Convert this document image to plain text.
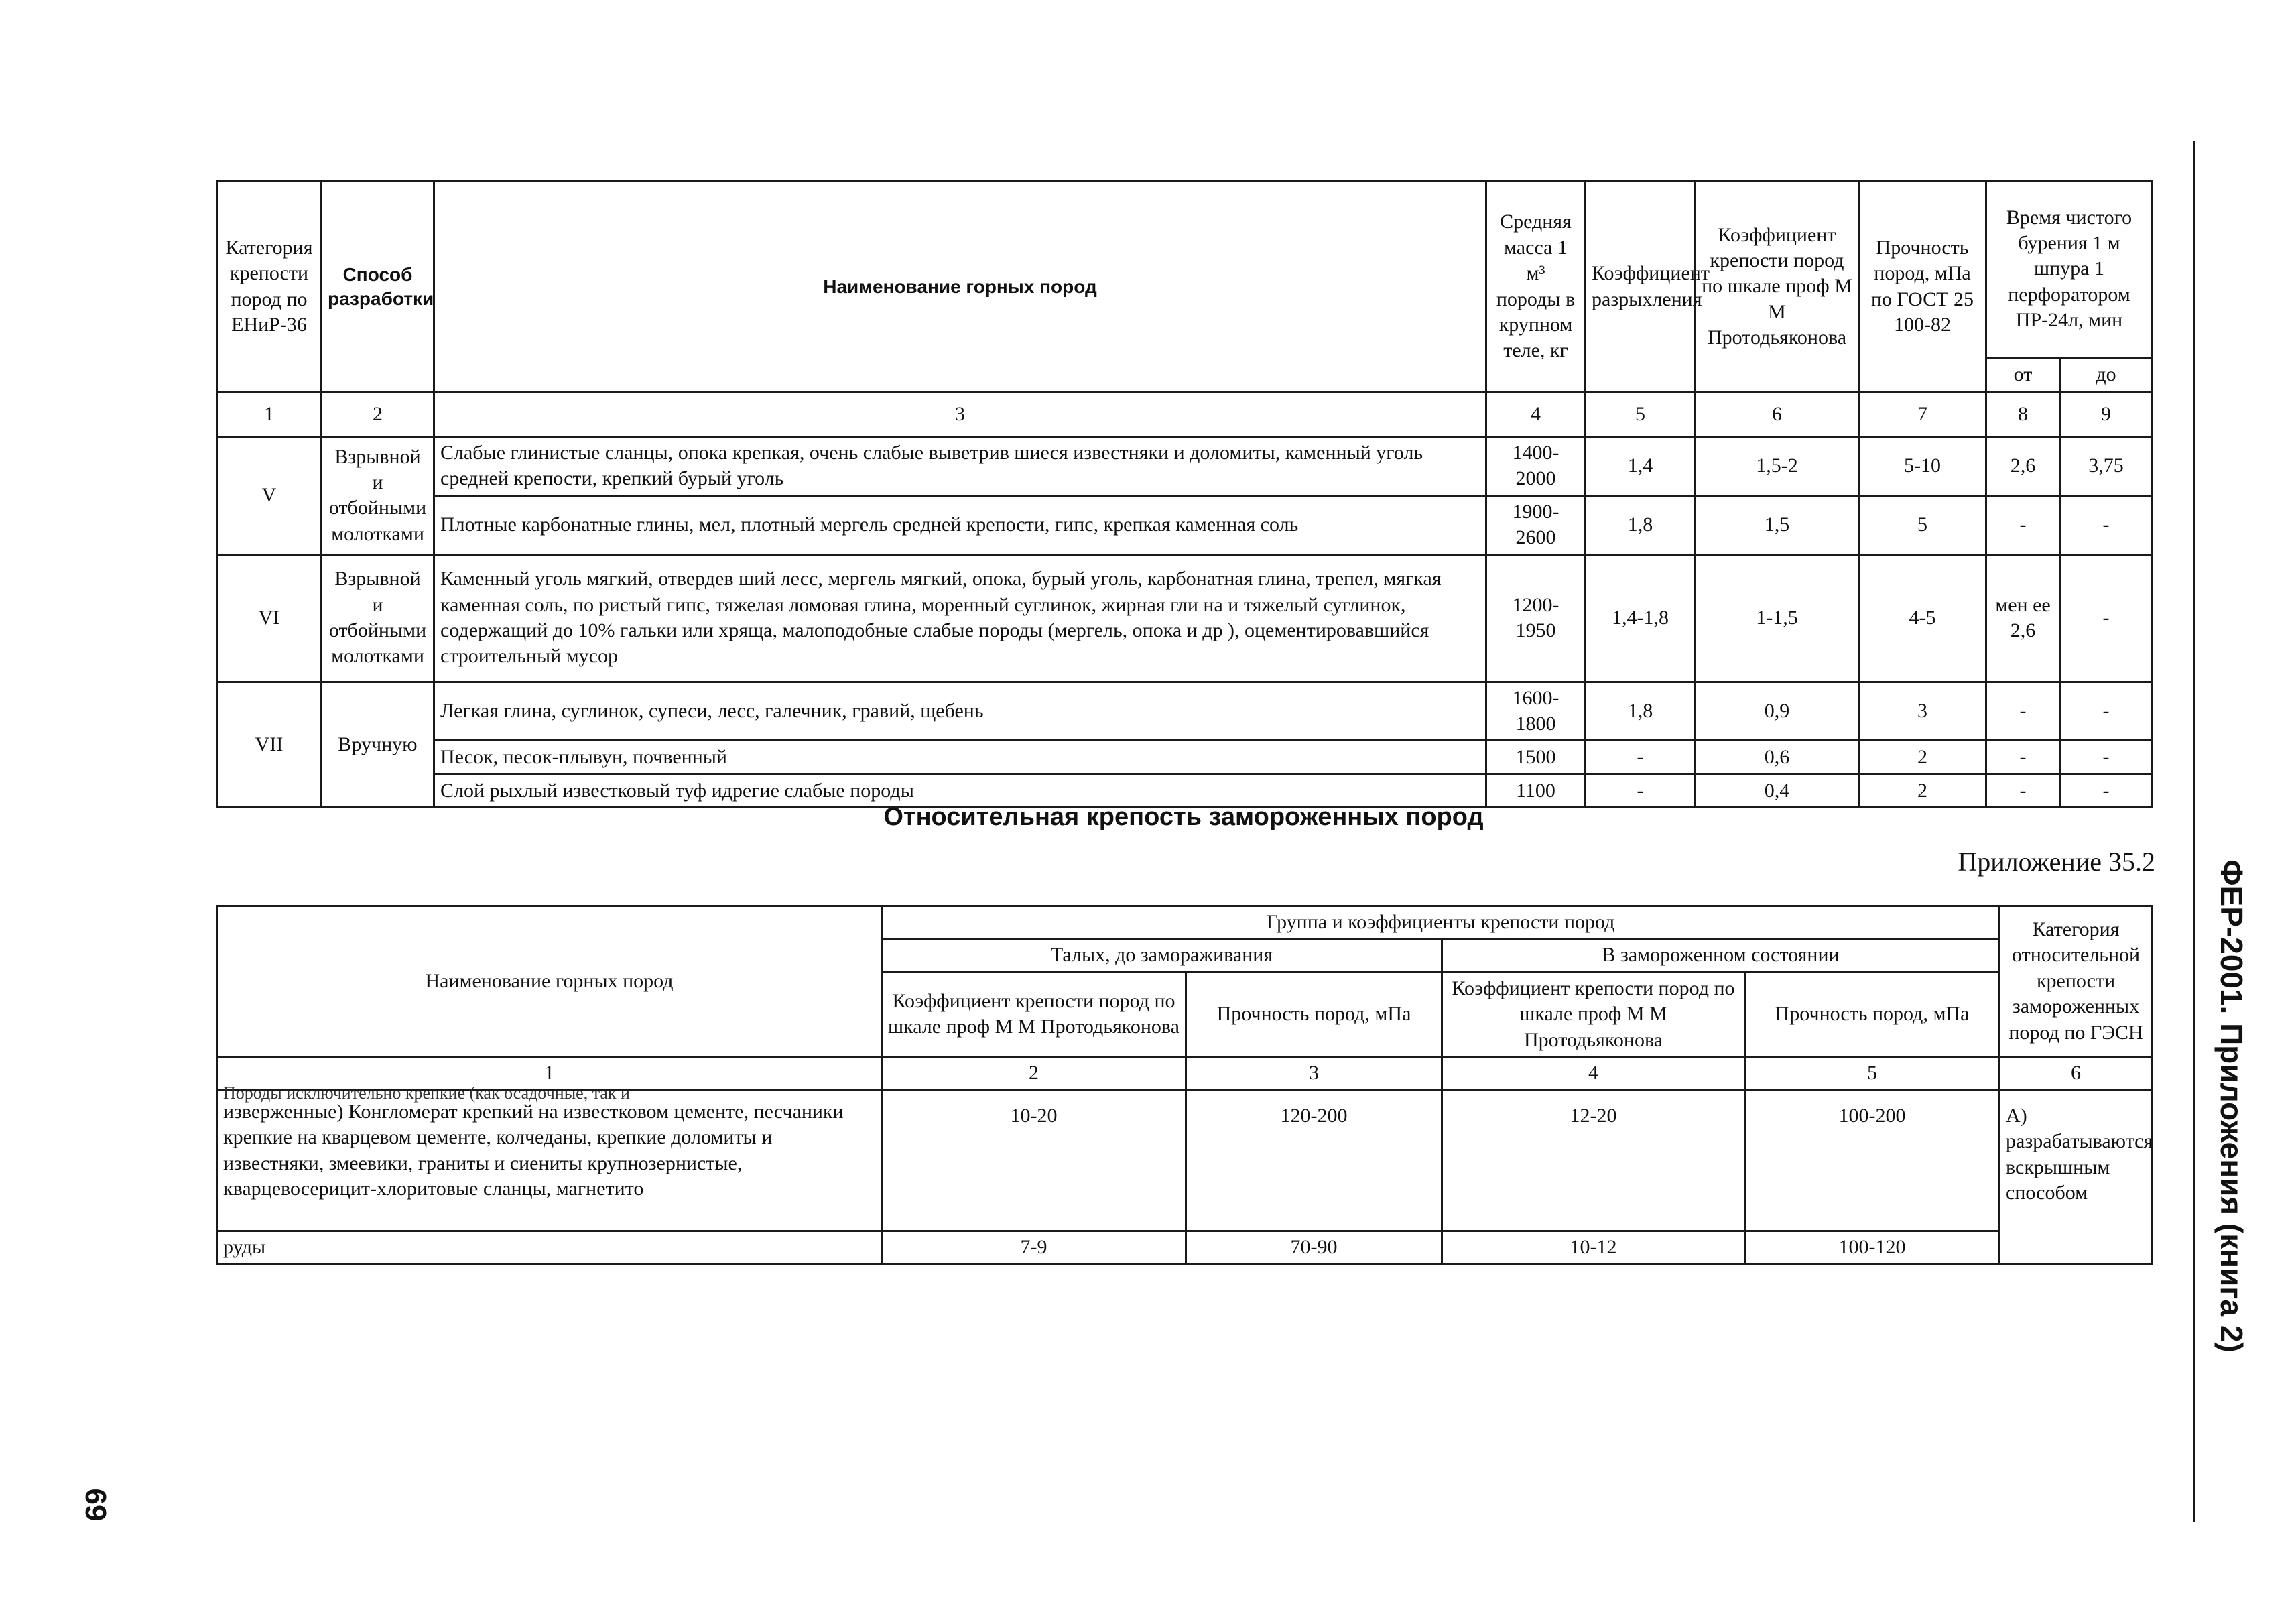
Категория крепости пород по ЕНиР-36	Способ разработки	Наименование горных пород	Средняя масса 1 м³ породы в крупном теле, кг	Коэффициент разрыхления	Коэффициент крепости пород по шкале проф М М Протодьяконова	Прочность пород, мПа по ГОСТ 25 100-82	Время чистого бурения 1 м шпура 1 перфоратором ПР-24л, мин	
							от	до
1	2	3	4	5	6	7	8	9
V	Взрывной и отбойными молотками	Слабые глинистые сланцы, опока крепкая, очень слабые выветрив шиеся известняки и доломиты, каменный уголь средней крепости, крепкий бурый уголь	1400-2000	1,4	1,5-2	5-10	2,6	3,75
		Плотные карбонатные глины, мел, плотный мергель средней крепости, гипс, крепкая каменная соль	1900-2600	1,8	1,5	5	-	-
VI	Взрывной и отбойными молотками	Каменный уголь мягкий, отвердев ший лесс, мергель мягкий, опока, бурый уголь, карбонатная глина, трепел, мягкая каменная соль, по ристый гипс, тяжелая ломовая глина, моренный суглинок, жирная гли на и тяжелый суглинок, содержащий до 10% гальки или хряща, малоподобные слабые породы (мергель, опока и др ), оцементировавшийся строительный мусор	1200-1950	1,4-1,8	1-1,5	4-5	мен ее 2,6	-
VII	Вручную	Легкая глина, суглинок, супеси, лесс, галечник, гравий, щебень	1600-1800	1,8	0,9	3	-	-
		Песок, песок-плывун, почвенный	1500	-	0,6	2	-	-
		Слой рыхлый известковый туф идрегие слабые породы	1100	-	0,4	2	-	-
Относительная крепость замороженных пород
Приложение 35.2
Наименование горных пород	Группа и коэффициенты крепости пород				Категория относительной крепости замороженных пород по ГЭСН
	Талых, до замораживания		В замороженном состоянии		
	Коэффициент крепости пород по шкале проф М М Протодьяконова	Прочность пород, мПа	Коэффициент крепости пород по шкале проф М М Протодьяконова	Прочность пород, мПа	
1	2	3	4	5	6

Породы исключительно крепкие (как осадочные, так и
изверженные) Конгломерат крепкий на известковом цементе, песчаники крепкие на кварцевом цементе, колчеданы, крепкие доломиты и известняки, змеевики, граниты и сиениты крупнозернистые, кварцевосерицит-хлоритовые сланцы, магнетито	10-20	120-200	12-20	100-200	А) разрабатываются вскрышным способом
руды	7-9	70-90	10-12	100-120		ФЕР-2001. Приложения (книга 2)
69
